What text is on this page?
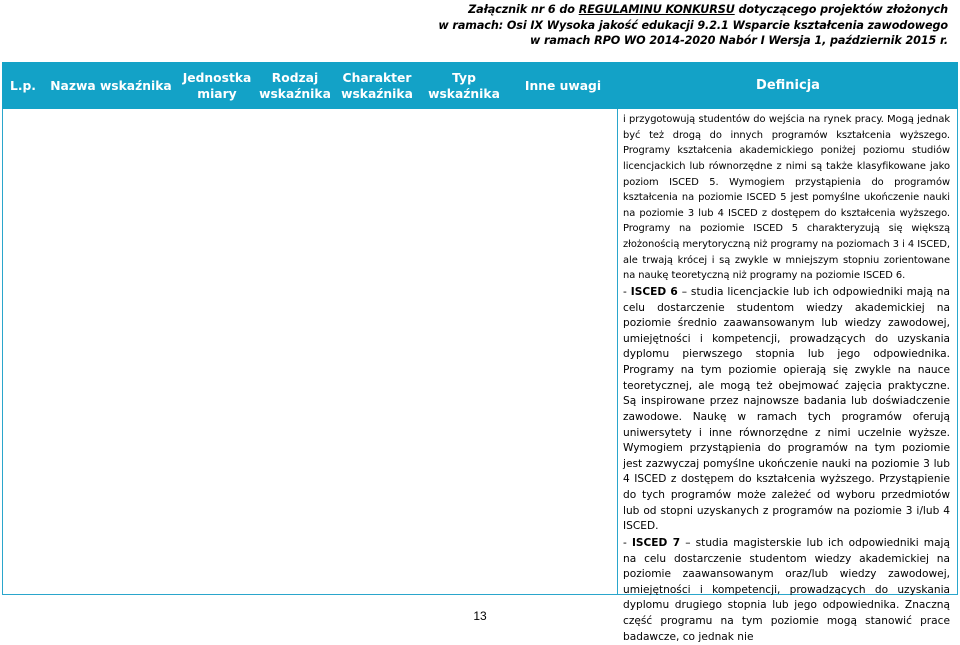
Załącznik nr 6 do REGULAMINU KONKURSU dotyczącego projektów złożonych
w ramach: Osi IX Wysoka jakość edukacji 9.2.1 Wsparcie kształcenia zawodowego
w ramach RPO WO 2014-2020 Nabór I Wersja 1, październik 2015 r.
L.p.	Nazwa wskaźnika
Jednostka miary
Rodzaj wskaźnika
Charakter wskaźnika
Typ wskaźnika
Inne uwagi	Definicja

i przygotowują studentów do wejścia na rynek pracy. Mogą jednak być też drogą do innych programów kształcenia wyższego. Programy kształcenia akademickiego poniżej poziomu studiów licencjackich lub równorzędne z nimi są także klasyfikowane jako poziom ISCED 5. Wymogiem przystąpienia do programów kształcenia na poziomie ISCED 5 jest pomyślne ukończenie nauki na poziomie 3 lub 4 ISCED z dostępem do kształcenia wyższego. Programy na poziomie ISCED 5 charakteryzują się większą złożonością merytoryczną niż programy na poziomach 3 i 4 ISCED, ale trwają krócej i są zwykle w mniejszym stopniu zorientowane na naukę teoretyczną niż programy na poziomie ISCED 6.

- ISCED 6 – studia licencjackie lub ich odpowiedniki mają na celu dostarczenie studentom wiedzy akademickiej na poziomie średnio zaawansowanym lub wiedzy zawodowej, umiejętności i kompetencji, prowadzących do uzyskania dyplomu pierwszego stopnia lub jego odpowiednika. Programy na tym poziomie opierają się zwykle na nauce teoretycznej, ale mogą też obejmować zajęcia praktyczne. Są inspirowane przez najnowsze badania lub doświadczenie zawodowe. Naukę w ramach tych programów oferują uniwersytety i inne równorzędne z nimi uczelnie wyższe. Wymogiem przystąpienia do programów na tym poziomie jest zazwyczaj pomyślne ukończenie nauki na poziomie 3 lub 4 ISCED z dostępem do kształcenia wyższego. Przystąpienie do tych programów może zależeć od wyboru przedmiotów lub od stopni uzyskanych z programów na poziomie 3 i/lub 4 ISCED.

- ISCED 7 – studia magisterskie lub ich odpowiedniki mają na celu dostarczenie studentom wiedzy akademickiej na poziomie zaawansowanym oraz/lub wiedzy zawodowej, umiejętności i kompetencji, prowadzących do uzyskania dyplomu drugiego stopnia lub jego odpowiednika. Znaczną część programu na tym poziomie mogą stanowić prace badawcze, co jednak nie

13
